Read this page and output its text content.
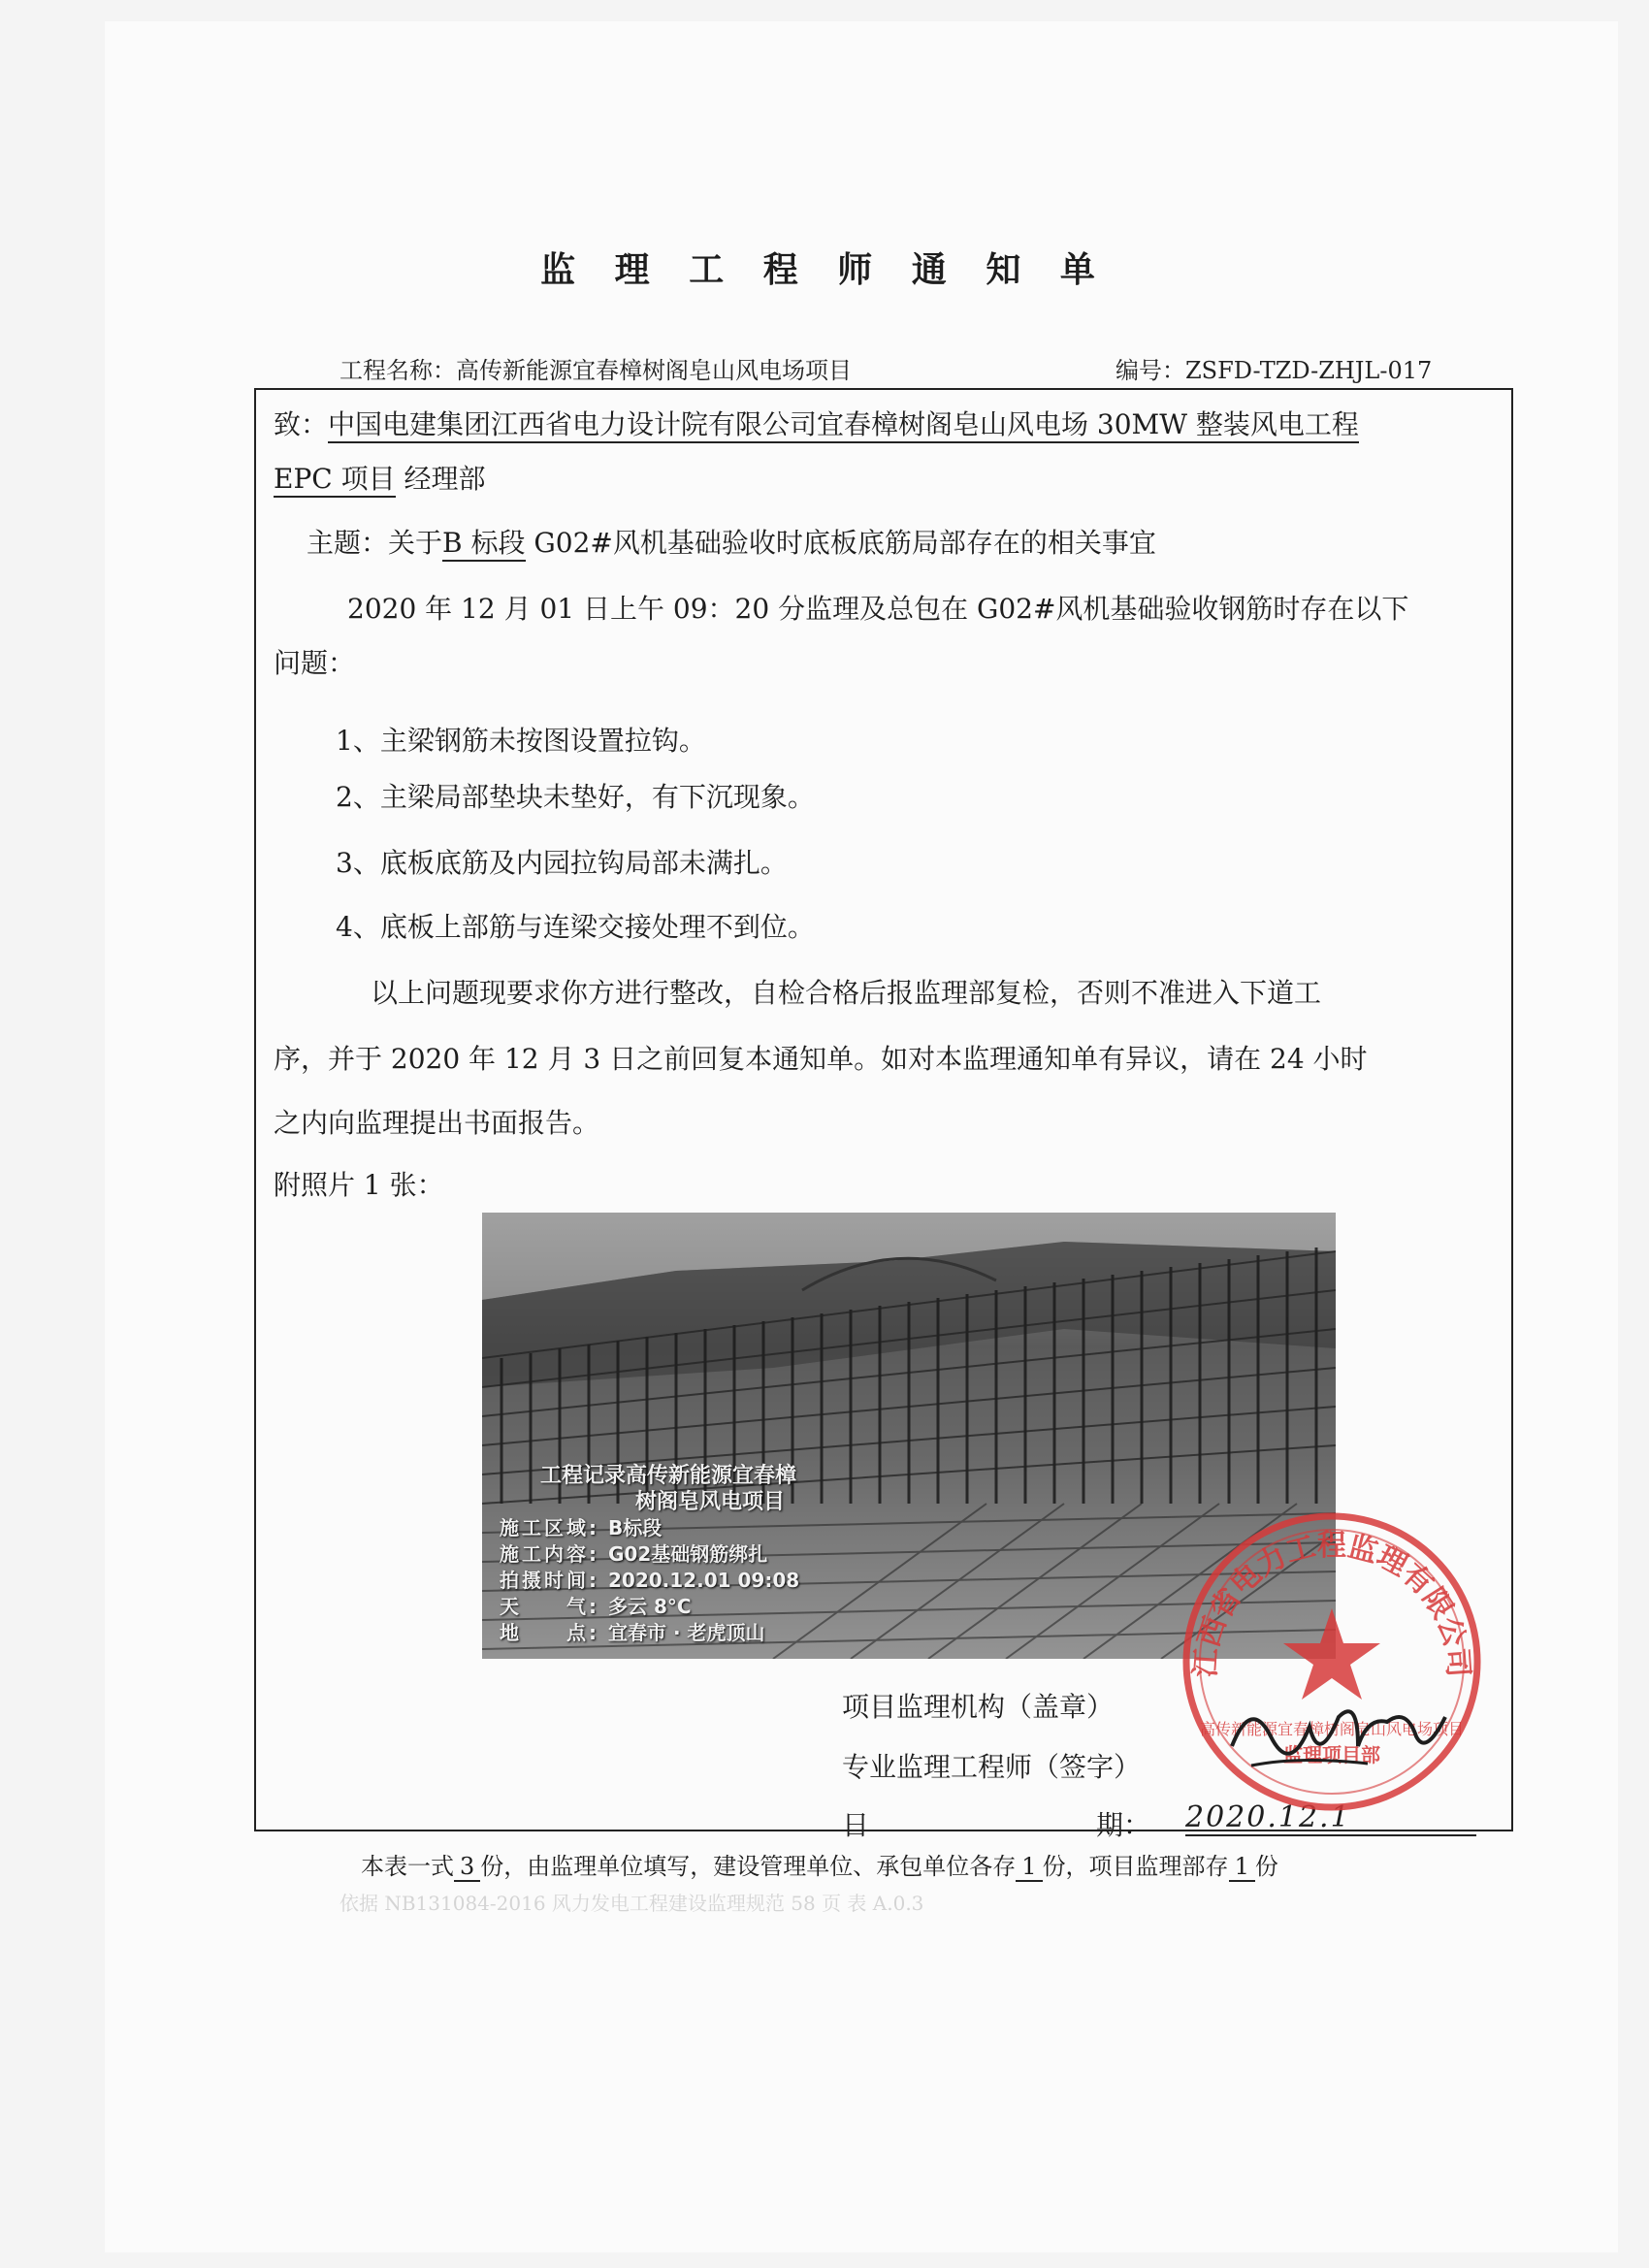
监 理 工 程 师 通 知 单
工程名称：高传新能源宜春樟树阁皂山风电场项目	编号：ZSFD-TZD-ZHJL-017
致：中国电建集团江西省电力设计院有限公司宜春樟树阁皂山风电场 30MW 整装风电工程
EPC 项目 经理部
主题：关于B 标段 G02#风机基础验收时底板底筋局部存在的相关事宜
2020 年 12 月 01 日上午 09：20 分监理及总包在 G02#风机基础验收钢筋时存在以下
问题：
1、主梁钢筋未按图设置拉钩。
2、主梁局部垫块未垫好，有下沉现象。
3、底板底筋及内园拉钩局部未满扎。
4、底板上部筋与连梁交接处理不到位。
以上问题现要求你方进行整改，自检合格后报监理部复检，否则不准进入下道工
序，并于 2020 年 12 月 3 日之前回复本通知单。如对本监理通知单有异议，请在 24 小时
之内向监理提出书面报告。
附照片 1 张：
工程记录高传新能源宜春樟
树阁皂风电项目
施工区域: B标段
施工内容: G02基础钢筋绑扎
拍摄时间: 2020.12.01 09:08
天　　气: 多云 8°C
地　　点: 宜春市 · 老虎顶山
项目监理机构（盖章）
专业监理工程师（签字）
日	期： 2020.12.1
江西省电力工程监理有限公司
高传新能源宜春樟树阁皂山风电场项目
监理项目部
本表一式 3 份，由监理单位填写，建设管理单位、承包单位各存 1 份，项目监理部存 1 份
依据 NB131084-2016 风力发电工程建设监理规范 58 页 表 A.0.3
